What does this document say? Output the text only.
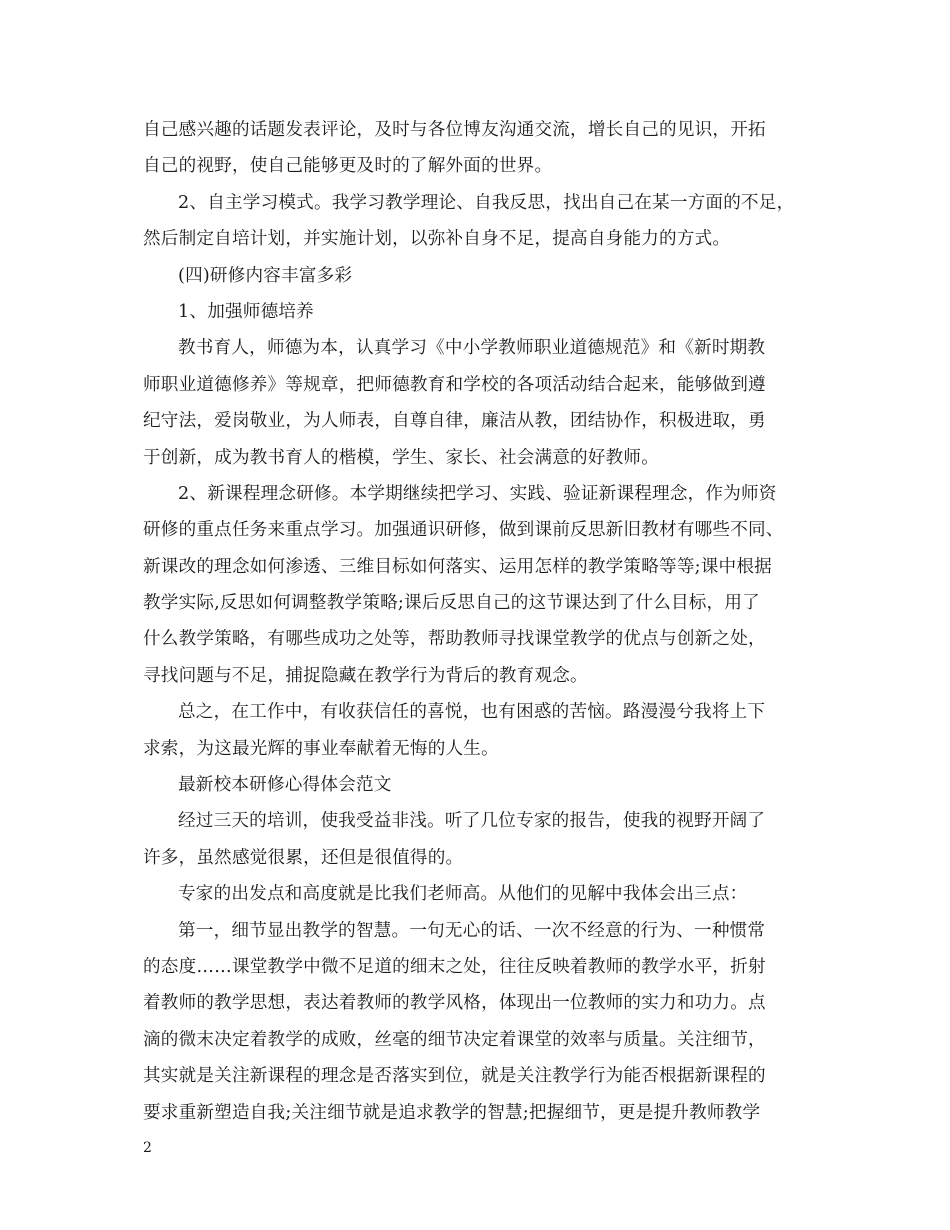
自己感兴趣的话题发表评论，及时与各位博友沟通交流，增长自己的见识，开拓
自己的视野，使自己能够更及时的了解外面的世界。
2、自主学习模式。我学习教学理论、自我反思，找出自己在某一方面的不足，
然后制定自培计划，并实施计划，以弥补自身不足，提高自身能力的方式。
(四)研修内容丰富多彩
1、加强师德培养
教书育人，师德为本，认真学习《中小学教师职业道德规范》和《新时期教
师职业道德修养》等规章，把师德教育和学校的各项活动结合起来，能够做到遵
纪守法，爱岗敬业，为人师表，自尊自律，廉洁从教，团结协作，积极进取，勇
于创新，成为教书育人的楷模，学生、家长、社会满意的好教师。
2、新课程理念研修。本学期继续把学习、实践、验证新课程理念，作为师资
研修的重点任务来重点学习。加强通识研修，做到课前反思新旧教材有哪些不同、
新课改的理念如何渗透、三维目标如何落实、运用怎样的教学策略等等;课中根据
教学实际,反思如何调整教学策略;课后反思自己的这节课达到了什么目标，用了
什么教学策略，有哪些成功之处等，帮助教师寻找课堂教学的优点与创新之处，
寻找问题与不足，捕捉隐藏在教学行为背后的教育观念。
总之，在工作中，有收获信任的喜悦，也有困惑的苦恼。路漫漫兮我将上下
求索，为这最光辉的事业奉献着无悔的人生。
最新校本研修心得体会范文
经过三天的培训，使我受益非浅。听了几位专家的报告，使我的视野开阔了
许多，虽然感觉很累，还但是很值得的。
专家的出发点和高度就是比我们老师高。从他们的见解中我体会出三点：
第一，细节显出教学的智慧。一句无心的话、一次不经意的行为、一种惯常
的态度……课堂教学中微不足道的细末之处，往往反映着教师的教学水平，折射
着教师的教学思想，表达着教师的教学风格，体现出一位教师的实力和功力。点
滴的微末决定着教学的成败，丝毫的细节决定着课堂的效率与质量。关注细节，
其实就是关注新课程的理念是否落实到位，就是关注教学行为能否根据新课程的
要求重新塑造自我;关注细节就是追求教学的智慧;把握细节，更是提升教师教学
2
